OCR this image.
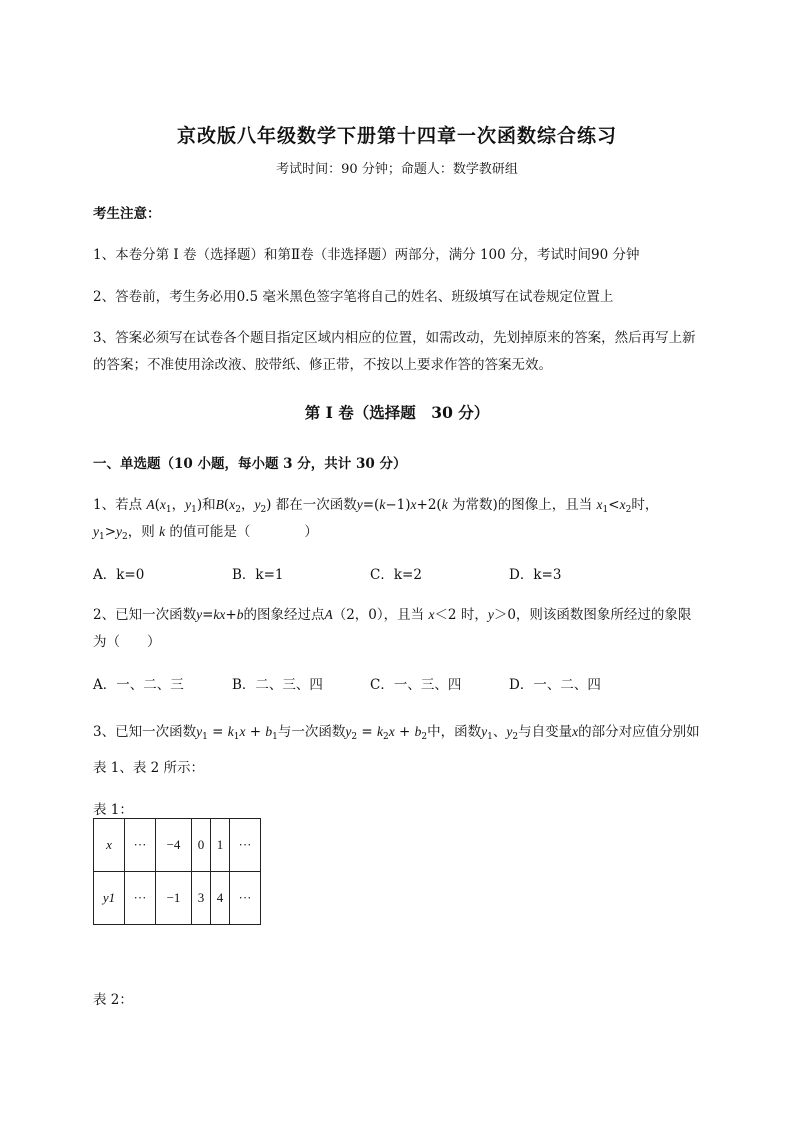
京改版八年级数学下册第十四章一次函数综合练习
考试时间：90 分钟；命题人：数学教研组
考生注意：
1、本卷分第 I 卷（选择题）和第Ⅱ卷（非选择题）两部分，满分 100 分，考试时间90 分钟
2、答卷前，考生务必用0.5 毫米黑色签字笔将自己的姓名、班级填写在试卷规定位置上
3、答案必须写在试卷各个题目指定区域内相应的位置，如需改动，先划掉原来的答案，然后再写上新
的答案；不准使用涂改液、胶带纸、修正带，不按以上要求作答的答案无效。
第 I 卷（选择题　30 分）
一、单选题（10 小题，每小题 3 分，共计 30 分）
1、若点 $A(x_1$，$y_1$)和$B(x_2$，$y_2$) 都在一次函数y=(k−1)x+2(k 为常数)的图像上，且当 $x_1<x_2$时，
$y_1>y_2$，则 k 的值可能是（	）
A．k=0	B．k=1	C．k=2	D．k=3
2、已知一次函数y=kx+b的图象经过点A（2，0），且当 x＜2 时，y＞0，则该函数图象所经过的象限
为（　　）
A．一、二、三	B．二、三、四	C．一、三、四	D．一、二、四
3、已知一次函数$y_1 = k_1x + b_1$与一次函数$y_2 = k_2x + b_2$中，函数$y_1$、$y_2$与自变量x的部分对应值分别如
表 1、表 2 所示：
表 1：
x	···	−4	0	1	···
y1	···	−1	3	4	···
表 2：
